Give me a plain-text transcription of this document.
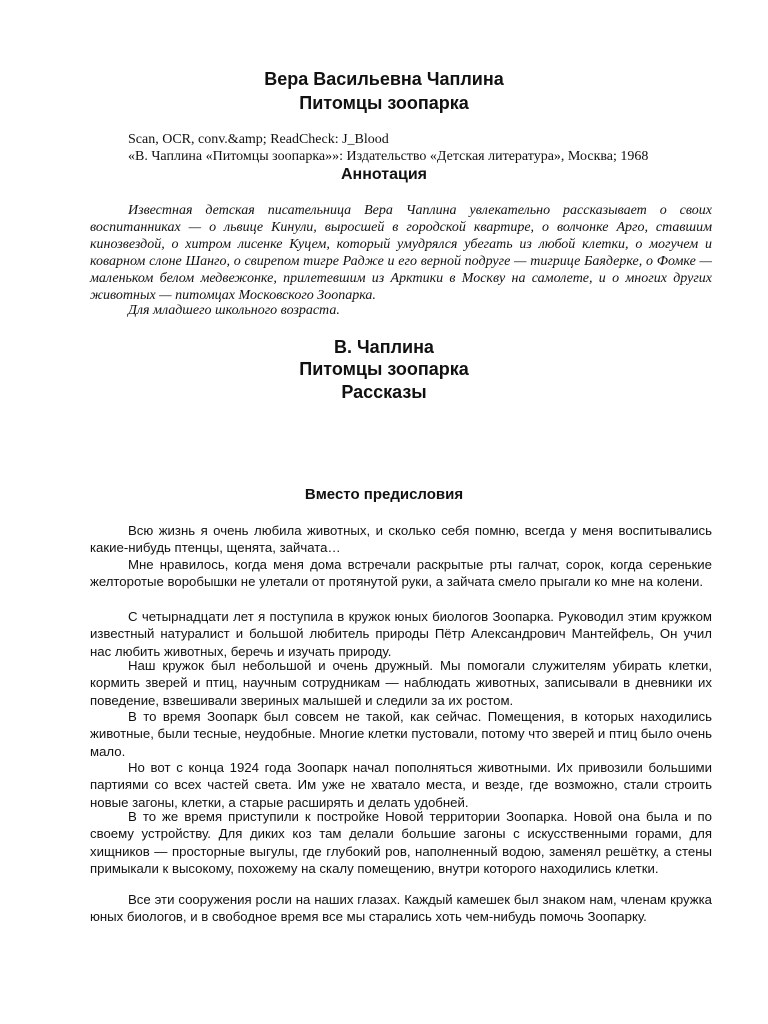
Вера Васильевна Чаплина
Питомцы зоопарка
Scan, OCR, conv.&amp; ReadCheck: J_Blood
«В. Чаплина «Питомцы зоопарка»»: Издательство «Детская литература», Москва; 1968
Аннотация
Известная детская писательница Вера Чаплина увлекательно рассказывает о своих воспитанниках — о львице Кинули, выросшей в городской квартире, о волчонке Арго, ставшим кинозвездой, о хитром лисенке Куцем, который умудрялся убегать из любой клетки, о могучем и коварном слоне Шанго, о свирепом тигре Радже и его верной подруге — тигрице Баядерке, о Фомке — маленьком белом медвежонке, прилетевшим из Арктики в Москву на самолете, и о многих других животных — питомцах Московского Зоопарка.
Для младшего школьного возраста.
В. Чаплина
Питомцы зоопарка
Рассказы
Вместо предисловия
Всю жизнь я очень любила животных, и сколько себя помню, всегда у меня воспитывались какие-нибудь птенцы, щенята, зайчата…
Мне нравилось, когда меня дома встречали раскрытые рты галчат, сорок, когда серенькие желторотые воробышки не улетали от протянутой руки, а зайчата смело прыгали ко мне на колени.
С четырнадцати лет я поступила в кружок юных биологов Зоопарка. Руководил этим кружком известный натуралист и большой любитель природы Пётр Александрович Мантейфель, Он учил нас любить животных, беречь и изучать природу.
Наш кружок был небольшой и очень дружный. Мы помогали служителям убирать клетки, кормить зверей и птиц, научным сотрудникам — наблюдать животных, записывали в дневники их поведение, взвешивали звериных малышей и следили за их ростом.
В то время Зоопарк был совсем не такой, как сейчас. Помещения, в которых находились животные, были тесные, неудобные. Многие клетки пустовали, потому что зверей и птиц было очень мало.
Но вот с конца 1924 года Зоопарк начал пополняться животными. Их привозили большими партиями со всех частей света. Им уже не хватало места, и везде, где возможно, стали строить новые загоны, клетки, а старые расширять и делать удобней.
В то же время приступили к постройке Новой территории Зоопарка. Новой она была и по своему устройству. Для диких коз там делали большие загоны с искусственными горами, для хищников — просторные выгулы, где глубокий ров, наполненный водою, заменял решётку, а стены примыкали к высокому, похожему на скалу помещению, внутри которого находились клетки.
Все эти сооружения росли на наших глазах. Каждый камешек был знаком нам, членам кружка юных биологов, и в свободное время все мы старались хоть чем-нибудь помочь Зоопарку.
